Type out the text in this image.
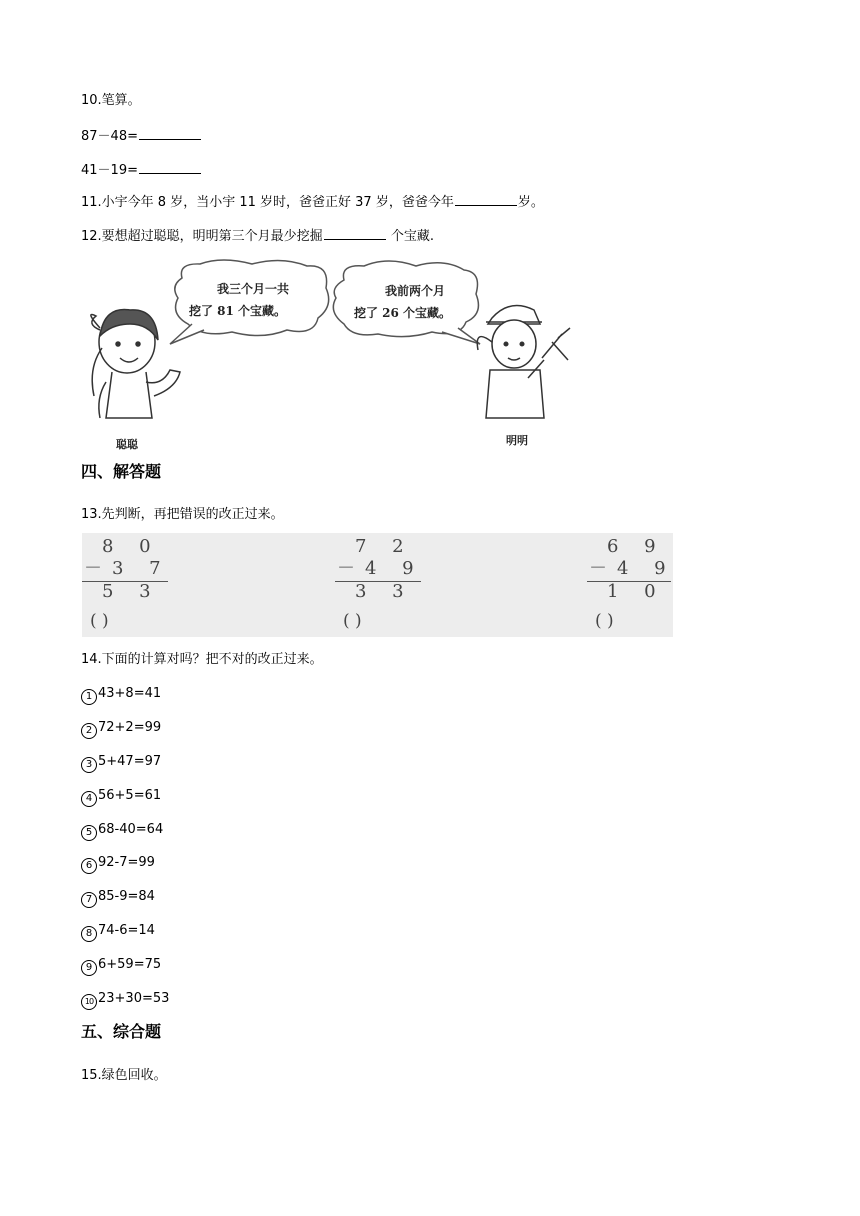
10.笔算。
87－48=
41－19=
11.小宇今年 8 岁，当小宇 11 岁时，爸爸正好 37 岁，爸爸今年	岁。
12.要想超过聪聪，明明第三个月最少挖掘	个宝藏.
我三个月一共
挖了 81 个宝藏。
我前两个月
挖了 26 个宝藏。
聪聪	明明
四、解答题
13.先判断，再把错误的改正过来。
8 0
－3 7
5 3
( )
7 2
－4 9
3 3
( )
6 9
－4 9
1 0
( )
14.下面的计算对吗？把不对的改正过来。
1 43+8=41
2 72+2=99
3 5+47=97
4 56+5=61
5 68-40=64
6 92-7=99
7 85-9=84
8 74-6=14
9 6+59=75
10 23+30=53
五、综合题
15.绿色回收。
